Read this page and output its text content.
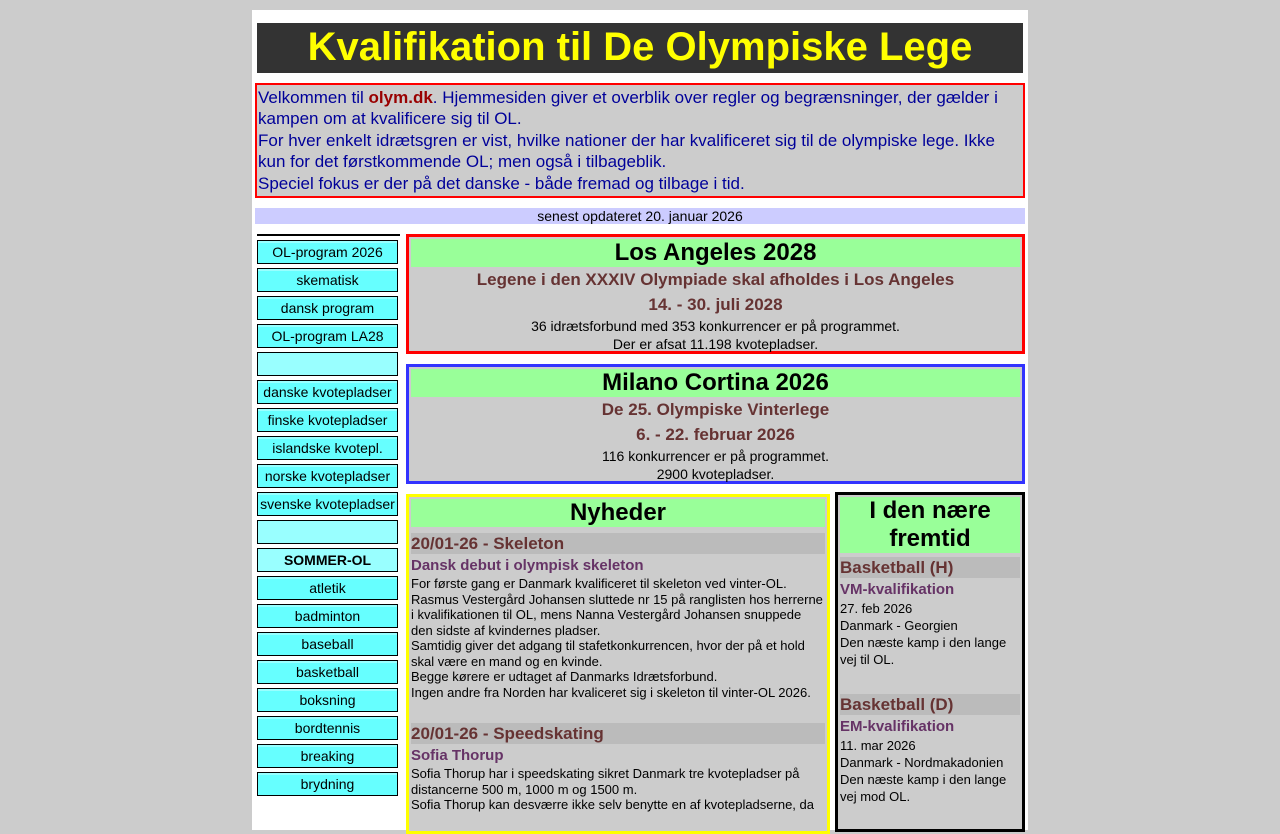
Kvalifikation til De Olympiske Lege

Velkommen til olym.dk. Hjemmesiden giver et overblik over regler og begrænsninger, der gælder i kampen om at kvalificere sig til OL.

For hver enkelt idrætsgren er vist, hvilke nationer der har kvalificeret sig til de olympiske lege. Ikke kun for det førstkommende OL; men også i tilbageblik.

Speciel fokus er der på det danske - både fremad og tilbage i tid.

senest opdateret 20. januar 2026
OL-program 2026
skematisk
dansk program
OL-program LA28
danske kvotepladser
finske kvotepladser
islandske kvotepl.
norske kvotepladser
svenske kvotepladser
SOMMER-OL
atletik
badminton
baseball
basketball
boksning
bordtennis
breaking
brydning
Los Angeles 2028
Legene i den XXXIV Olympiade skal afholdes i Los Angeles
14. - 30. juli 2028
36 idrætsforbund med 353 konkurrencer er på programmet.
Der er afsat 11.198 kvotepladser.
Milano Cortina 2026
De 25. Olympiske Vinterlege
6. - 22. februar 2026
116 konkurrencer er på programmet.
2900 kvotepladser.
Nyheder
20/01-26 - Skeleton
Dansk debut i olympisk skeleton

For første gang er Danmark kvalificeret til skeleton ved vinter-OL.

Rasmus Vestergård Johansen sluttede nr 15 på ranglisten hos herrerne i kvalifikationen til OL, mens Nanna Vestergård Johansen snuppede den sidste af kvindernes pladser.

Samtidig giver det adgang til stafetkonkurrencen, hvor der på et hold skal være en mand og en kvinde.

Begge kørere er udtaget af Danmarks Idrætsforbund.

Ingen andre fra Norden har kvaliceret sig i skeleton til vinter-OL 2026.

20/01-26 - Speedskating
Sofia Thorup

Sofia Thorup har i speedskating sikret Danmark tre kvotepladser på distancerne 500 m, 1000 m og 1500 m.

Sofia Thorup kan desværre ikke selv benytte en af kvotepladserne, da

I den nære fremtid
Basketball (H)
VM-kvalifikation
27. feb 2026
Danmark - Georgien
Den næste kamp i den lange vej til OL.
Basketball (D)
EM-kvalifikation
11. mar 2026
Danmark - Nordmakadonien
Den næste kamp i den lange vej mod OL.
